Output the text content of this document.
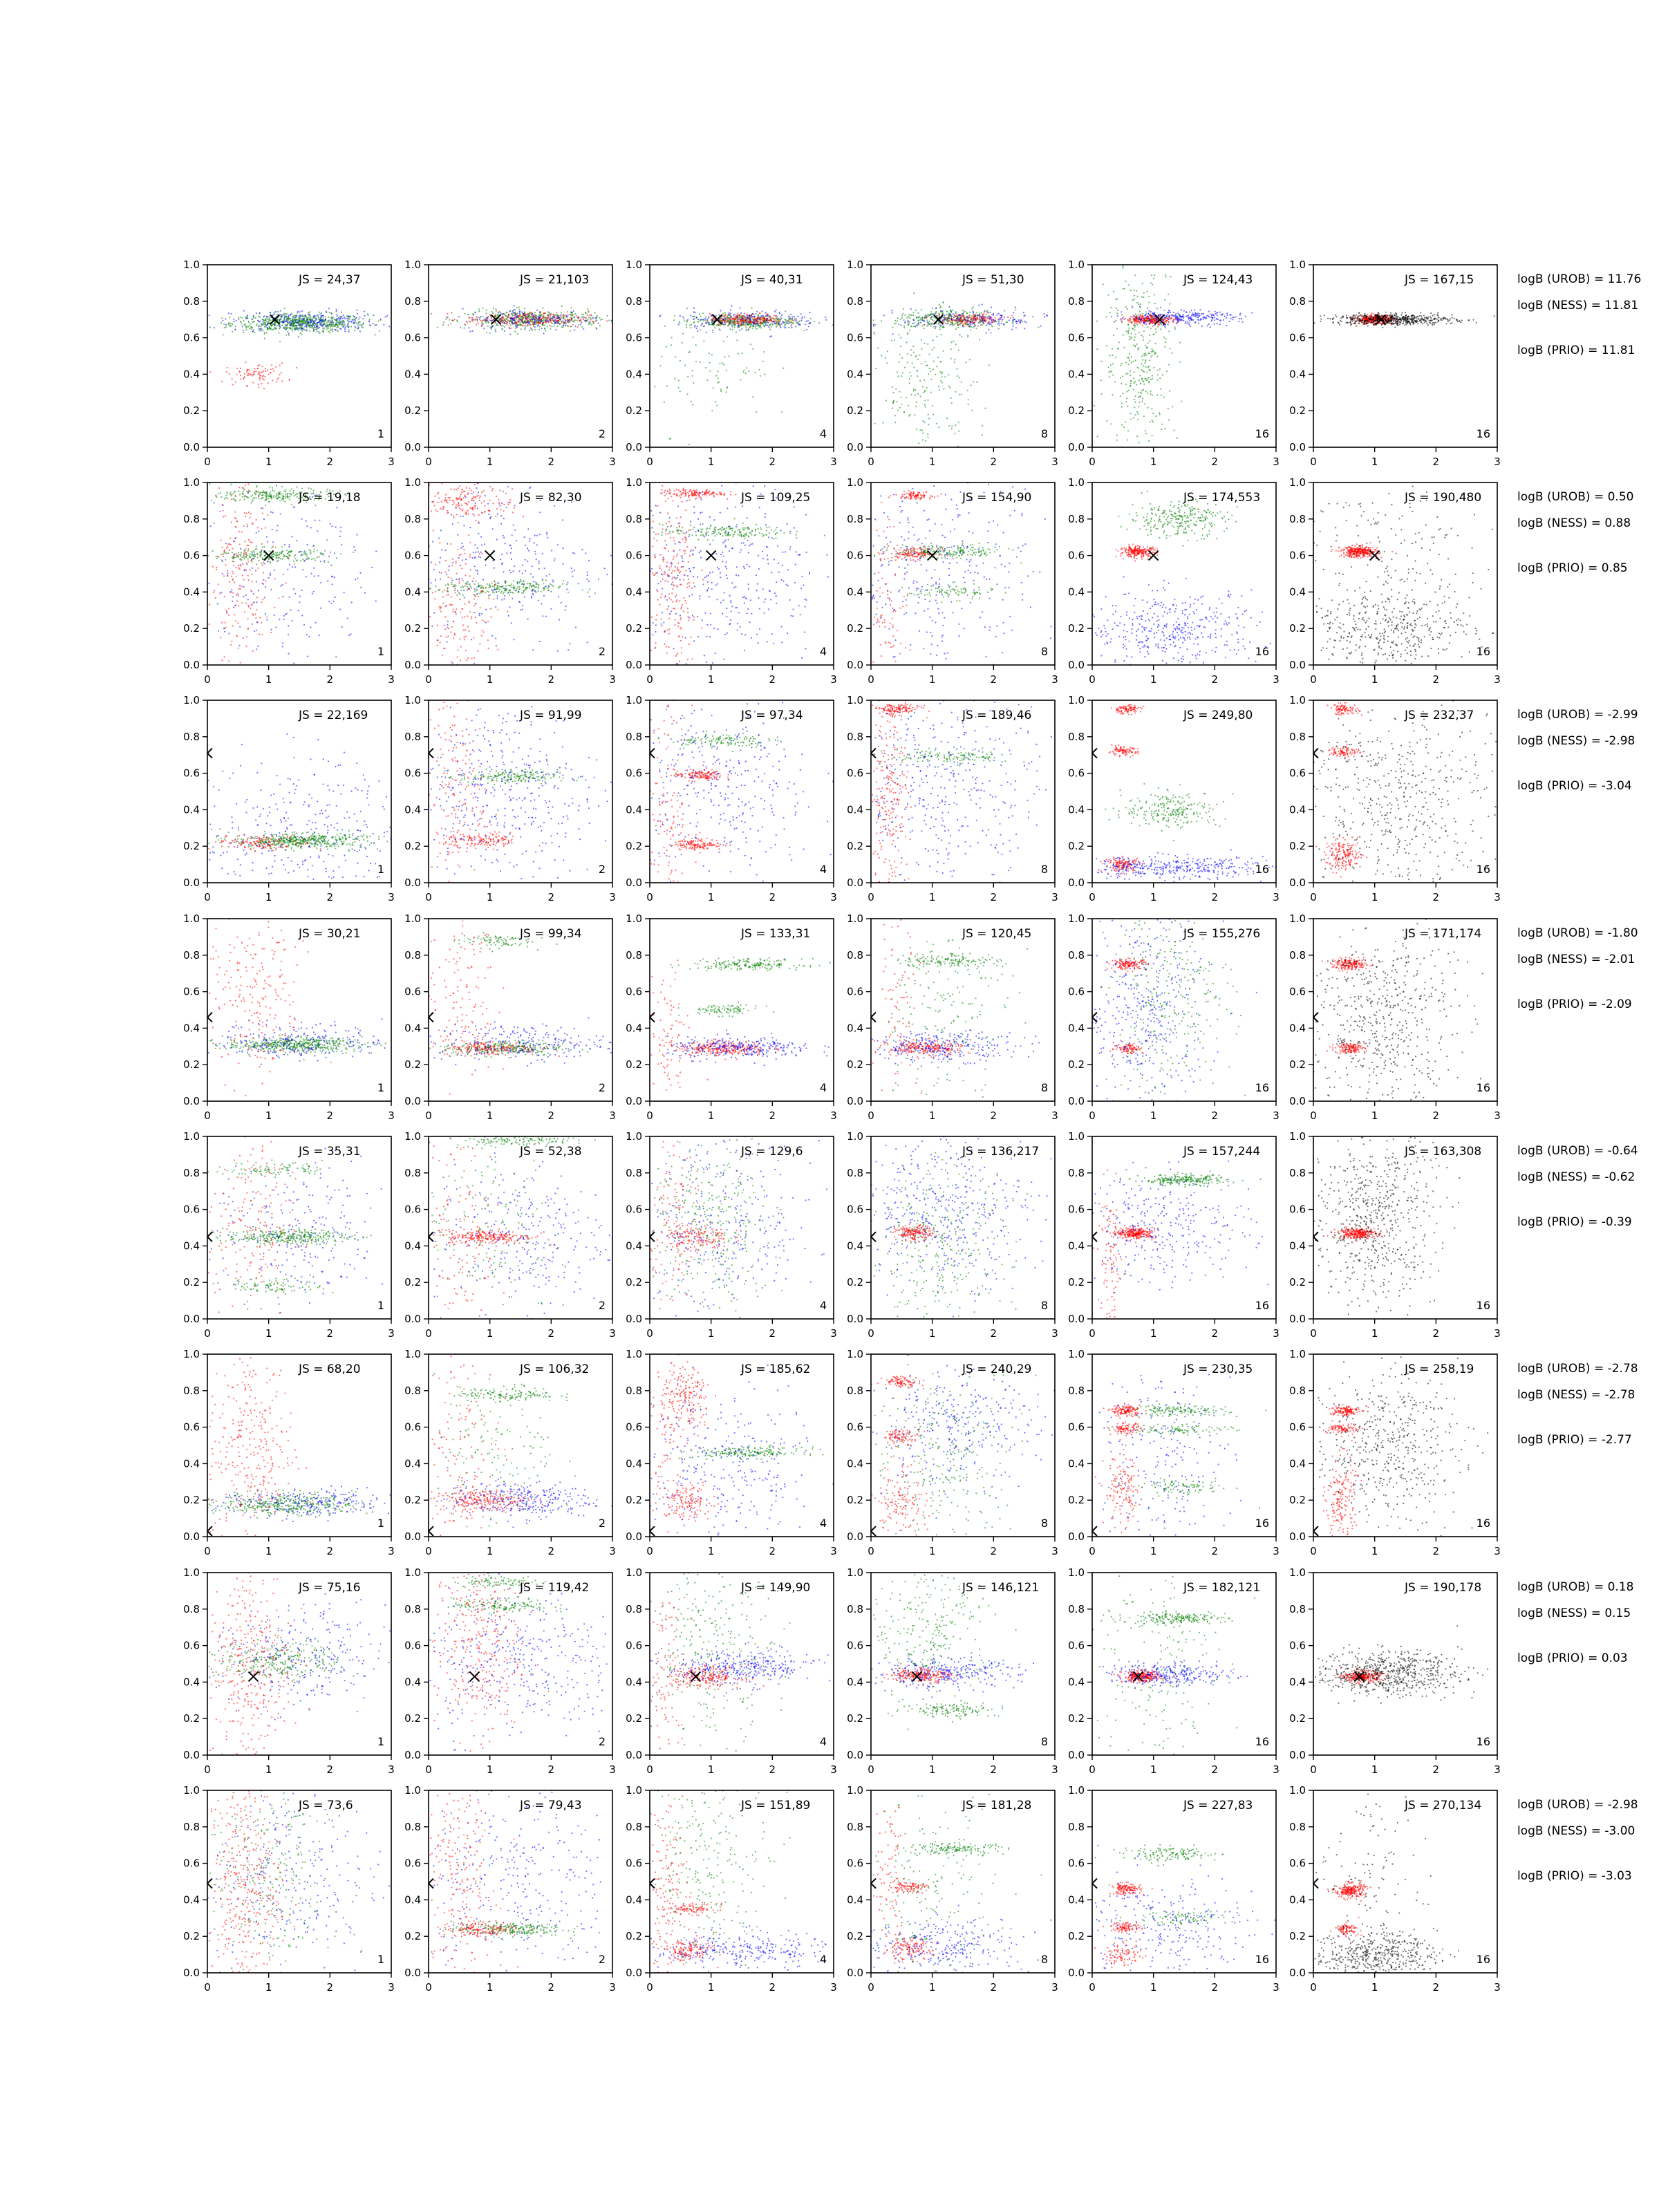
0	1	2	3
0.0
0.2
0.4
0.6
0.8
1.0
JS = 24,37
1
0	1	2	3
0.0
0.2
0.4
0.6
0.8
1.0
JS = 21,103
2
0	1	2	3
0.0
0.2
0.4
0.6
0.8
1.0
JS = 40,31
4
0	1	2	3
0.0
0.2
0.4
0.6
0.8
1.0
JS = 51,30
8
0	1	2	3
0.0
0.2
0.4
0.6
0.8
1.0
JS = 124,43
16
0	1	2	3
0.0
0.2
0.4
0.6
0.8
1.0
JS = 167,15
16
logB (UROB) = 11.76
logB (NESS) = 11.81
logB (PRIO) = 11.81
0	1	2	3
0.0
0.2
0.4
0.6
0.8
1.0
JS = 19,18
1
0	1	2	3
0.0
0.2
0.4
0.6
0.8
1.0
JS = 82,30
2
0	1	2	3
0.0
0.2
0.4
0.6
0.8
1.0
JS = 109,25
4
0	1	2	3
0.0
0.2
0.4
0.6
0.8
1.0
JS = 154,90
8
0	1	2	3
0.0
0.2
0.4
0.6
0.8
1.0
JS = 174,553
16
0	1	2	3
0.0
0.2
0.4
0.6
0.8
1.0
JS = 190,480
16
logB (UROB) = 0.50
logB (NESS) = 0.88
logB (PRIO) = 0.85
0	1	2	3
0.0
0.2
0.4
0.6
0.8
1.0
JS = 22,169
1
0	1	2	3
0.0
0.2
0.4
0.6
0.8
1.0
JS = 91,99
2
0	1	2	3
0.0
0.2
0.4
0.6
0.8
1.0
JS = 97,34
4
0	1	2	3
0.0
0.2
0.4
0.6
0.8
1.0
JS = 189,46
8
0	1	2	3
0.0
0.2
0.4
0.6
0.8
1.0
JS = 249,80
16
0	1	2	3
0.0
0.2
0.4
0.6
0.8
1.0
JS = 232,37
16
logB (UROB) = -2.99
logB (NESS) = -2.98
logB (PRIO) = -3.04
0	1	2	3
0.0
0.2
0.4
0.6
0.8
1.0
JS = 30,21
1
0	1	2	3
0.0
0.2
0.4
0.6
0.8
1.0
JS = 99,34
2
0	1	2	3
0.0
0.2
0.4
0.6
0.8
1.0
JS = 133,31
4
0	1	2	3
0.0
0.2
0.4
0.6
0.8
1.0
JS = 120,45
8
0	1	2	3
0.0
0.2
0.4
0.6
0.8
1.0
JS = 155,276
16
0	1	2	3
0.0
0.2
0.4
0.6
0.8
1.0
JS = 171,174
16
logB (UROB) = -1.80
logB (NESS) = -2.01
logB (PRIO) = -2.09
0	1	2	3
0.0
0.2
0.4
0.6
0.8
1.0
JS = 35,31
1
0	1	2	3
0.0
0.2
0.4
0.6
0.8
1.0
JS = 52,38
2
0	1	2	3
0.0
0.2
0.4
0.6
0.8
1.0
JS = 129,6
4
0	1	2	3
0.0
0.2
0.4
0.6
0.8
1.0
JS = 136,217
8
0	1	2	3
0.0
0.2
0.4
0.6
0.8
1.0
JS = 157,244
16
0	1	2	3
0.0
0.2
0.4
0.6
0.8
1.0
JS = 163,308
16
logB (UROB) = -0.64
logB (NESS) = -0.62
logB (PRIO) = -0.39
0	1	2	3
0.0
0.2
0.4
0.6
0.8
1.0
JS = 68,20
1
0	1	2	3
0.0
0.2
0.4
0.6
0.8
1.0
JS = 106,32
2
0	1	2	3
0.0
0.2
0.4
0.6
0.8
1.0
JS = 185,62
4
0	1	2	3
0.0
0.2
0.4
0.6
0.8
1.0
JS = 240,29
8
0	1	2	3
0.0
0.2
0.4
0.6
0.8
1.0
JS = 230,35
16
0	1	2	3
0.0
0.2
0.4
0.6
0.8
1.0
JS = 258,19
16
logB (UROB) = -2.78
logB (NESS) = -2.78
logB (PRIO) = -2.77
0	1	2	3
0.0
0.2
0.4
0.6
0.8
1.0
JS = 75,16
1
0	1	2	3
0.0
0.2
0.4
0.6
0.8
1.0
JS = 119,42
2
0	1	2	3
0.0
0.2
0.4
0.6
0.8
1.0
JS = 149,90
4
0	1	2	3
0.0
0.2
0.4
0.6
0.8
1.0
JS = 146,121
8
0	1	2	3
0.0
0.2
0.4
0.6
0.8
1.0
JS = 182,121
16
0	1	2	3
0.0
0.2
0.4
0.6
0.8
1.0
JS = 190,178
16
logB (UROB) = 0.18
logB (NESS) = 0.15
logB (PRIO) = 0.03
0	1	2	3
0.0
0.2
0.4
0.6
0.8
1.0
JS = 73,6
1
0	1	2	3
0.0
0.2
0.4
0.6
0.8
1.0
JS = 79,43
2
0	1	2	3
0.0
0.2
0.4
0.6
0.8
1.0
JS = 151,89
4
0	1	2	3
0.0
0.2
0.4
0.6
0.8
1.0
JS = 181,28
8
0	1	2	3
0.0
0.2
0.4
0.6
0.8
1.0
JS = 227,83
16
0	1	2	3
0.0
0.2
0.4
0.6
0.8
1.0
JS = 270,134
16
logB (UROB) = -2.98
logB (NESS) = -3.00
logB (PRIO) = -3.03
